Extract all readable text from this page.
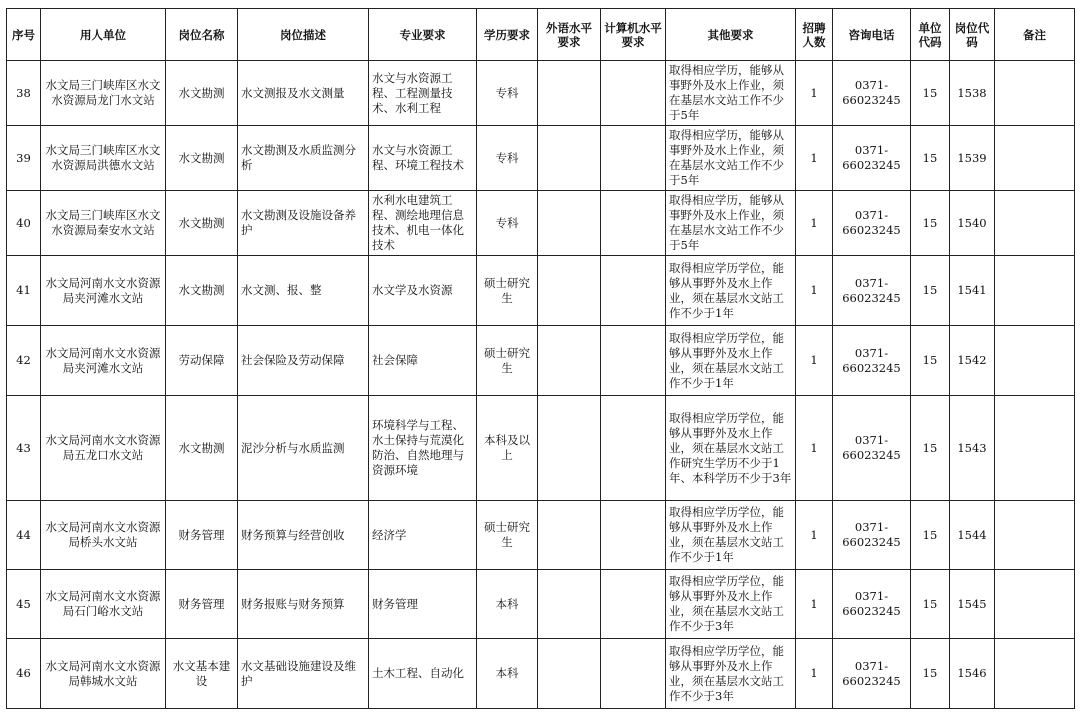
序号	用人单位	岗位名称	岗位描述	专业要求	学历要求	外语水平要求	计算机水平要求	其他要求	招聘人数	咨询电话	单位代码	岗位代码	备注
38	水文局三门峡库区水文水资源局龙门水文站	水文勘测	水文测报及水文测量	水文与水资源工程、工程测量技术、水利工程	专科			取得相应学历，能够从事野外及水上作业，须在基层水文站工作不少于5年	1	0371-66023245	15	1538	
39	水文局三门峡库区水文水资源局洪德水文站	水文勘测	水文勘测及水质监测分析	水文与水资源工程、环境工程技术	专科			取得相应学历，能够从事野外及水上作业，须在基层水文站工作不少于5年	1	0371-66023245	15	1539	
40	水文局三门峡库区水文水资源局秦安水文站	水文勘测	水文勘测及设施设备养护	水利水电建筑工程、测绘地理信息技术、机电一体化技术	专科			取得相应学历，能够从事野外及水上作业，须在基层水文站工作不少于5年	1	0371-66023245	15	1540	
41	水文局河南水文水资源局夹河滩水文站	水文勘测	水文测、报、整	水文学及水资源	硕士研究生			取得相应学历学位，能够从事野外及水上作业，须在基层水文站工作不少于1年	1	0371-66023245	15	1541	
42	水文局河南水文水资源局夹河滩水文站	劳动保障	社会保险及劳动保障	社会保障	硕士研究生			取得相应学历学位，能够从事野外及水上作业，须在基层水文站工作不少于1年	1	0371-66023245	15	1542	
43	水文局河南水文水资源局五龙口水文站	水文勘测	泥沙分析与水质监测	环境科学与工程、水土保持与荒漠化防治、自然地理与资源环境	本科及以上			取得相应学历学位，能够从事野外及水上作业，须在基层水文站工作研究生学历不少于1年、本科学历不少于3年	1	0371-66023245	15	1543	
44	水文局河南水文水资源局桥头水文站	财务管理	财务预算与经营创收	经济学	硕士研究生			取得相应学历学位，能够从事野外及水上作业，须在基层水文站工作不少于1年	1	0371-66023245	15	1544	
45	水文局河南水文水资源局石门峪水文站	财务管理	财务报账与财务预算	财务管理	本科			取得相应学历学位，能够从事野外及水上作业，须在基层水文站工作不少于3年	1	0371-66023245	15	1545	
46	水文局河南水文水资源局韩城水文站	水文基本建设	水文基础设施建设及维护	土木工程、自动化	本科			取得相应学历学位，能够从事野外及水上作业，须在基层水文站工作不少于3年	1	0371-66023245	15	1546	
